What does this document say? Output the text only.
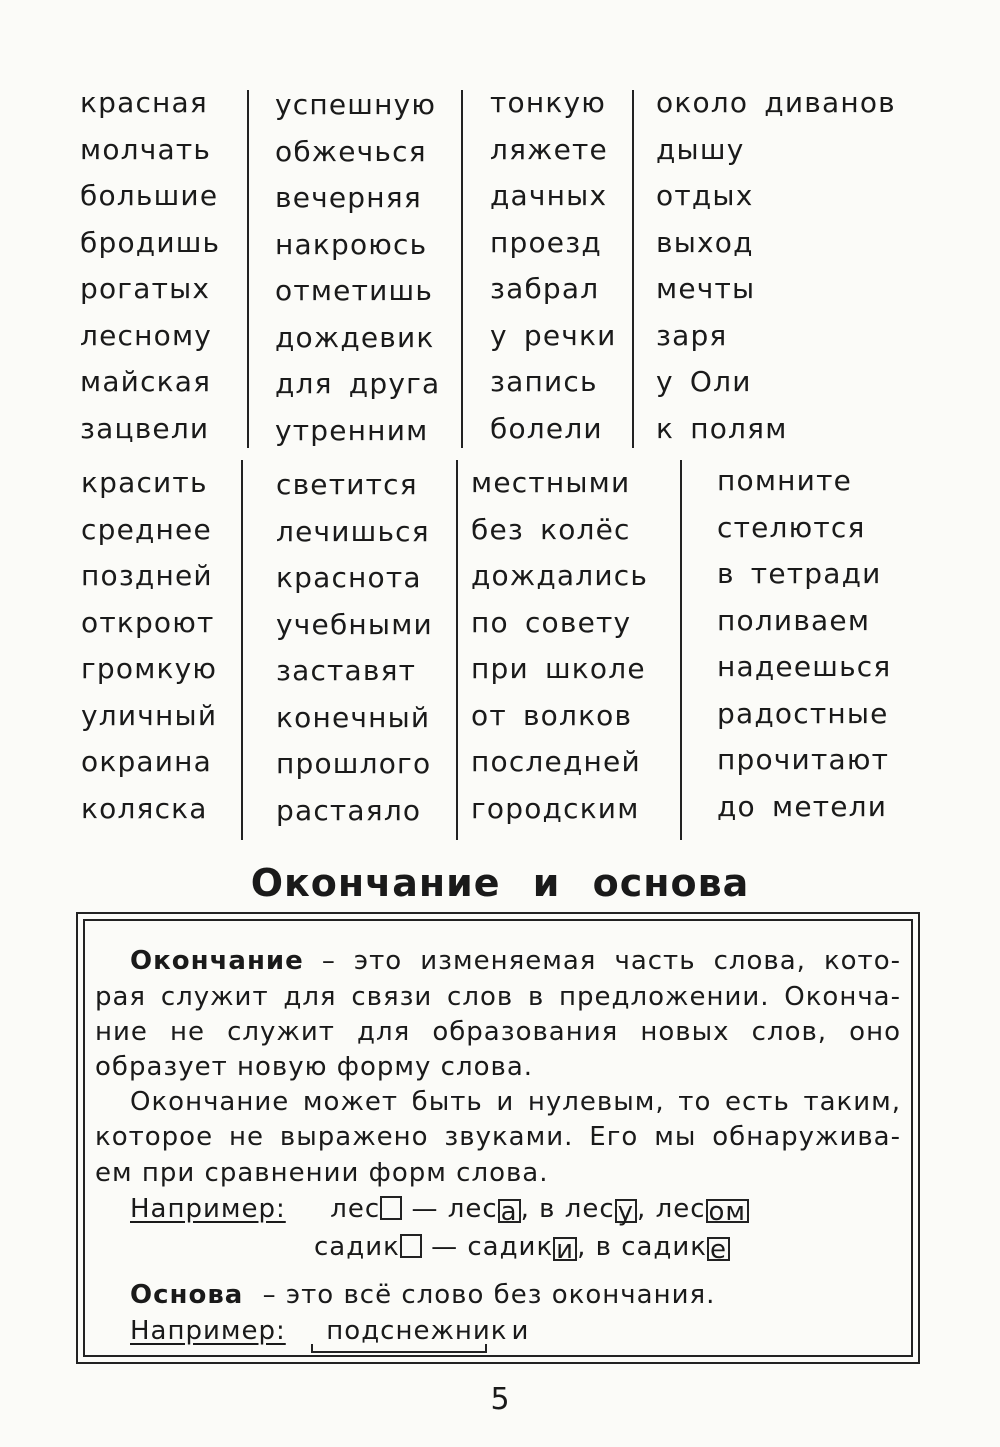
красная
молчать
большие
бродишь
рогатых
лесному
майская
зацвели
успешную
обжечься
вечерняя
накроюсь
отметишь
дождевик
для друга
утренним
тонкую
ляжете
дачных
проезд
забрал
у речки
запись
болели
около диванов
дышу
отдых
выход
мечты
заря
у Оли
к полям
красить
среднее
поздней
откроют
громкую
уличный
окраина
коляска
светится
лечишься
краснота
учебными
заставят
конечный
прошлого
растаяло
местными
без колёс
дождались
по совету
при школе
от волков
последней
городским
помните
стелются
в тетради
поливаем
надеешься
радостные
прочитают
до метели
Окончание и основа
Окончание – это изменяемая часть слова, кото-
рая служит для связи слов в предложении. Оконча-
ние не служит для образования новых слов, оно
образует новую форму слова.
Окончание может быть и нулевым, то есть таким,
которое не выражено звуками. Его мы обнаружива-
ем при сравнении форм слова.
Например: лес — лес а , в лес у , лес ом
садик — садик и , в садик е
Основа – это всё слово без окончания.
Например: подснежник и
5
